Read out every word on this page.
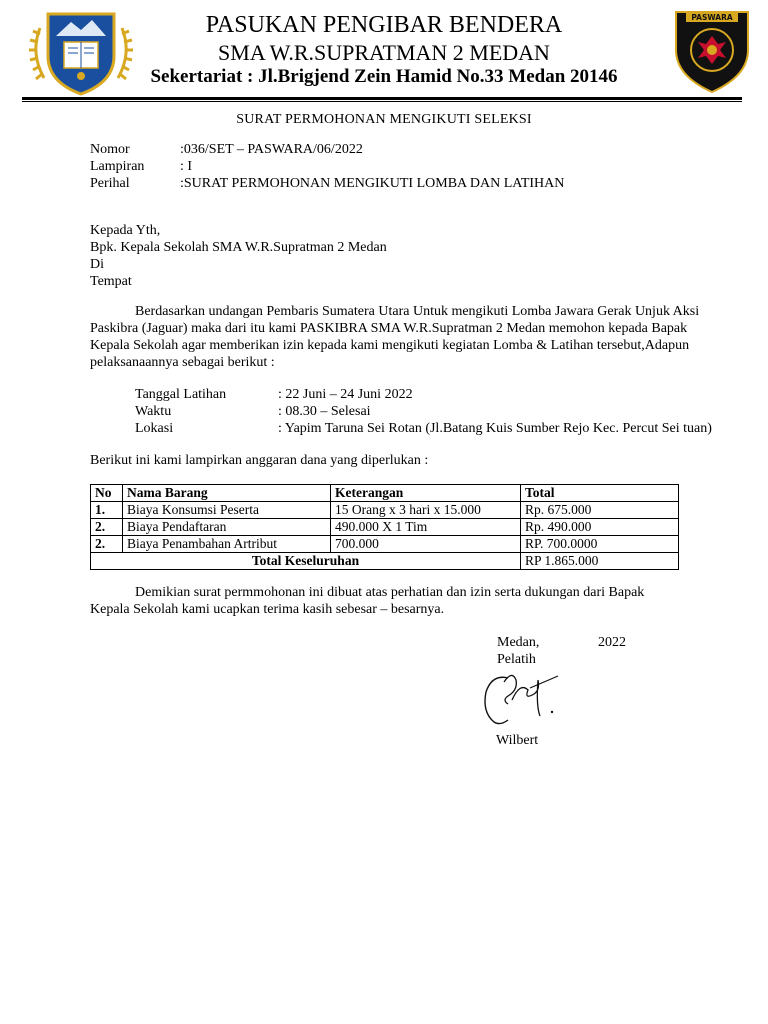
PASUKAN PENGIBAR BENDERA
SMA W.R.SUPRATMAN 2 MEDAN
Sekertariat : Jl.Brigjend Zein Hamid No.33 Medan 20146
PASWARA
SURAT PERMOHONAN MENGIKUTI SELEKSI
Nomor	:036/SET – PASWARA/06/2022
Lampiran	: I
Perihal	:SURAT PERMOHONAN MENGIKUTI LOMBA DAN LATIHAN
Kepada Yth,
Bpk. Kepala Sekolah SMA W.R.Supratman 2 Medan
Di
Tempat
Berdasarkan undangan Pembaris Sumatera Utara Untuk mengikuti Lomba Jawara Gerak Unjuk Aksi
Paskibra (Jaguar) maka dari itu kami PASKIBRA SMA W.R.Supratman 2 Medan memohon kepada Bapak
Kepala Sekolah agar memberikan izin kepada kami mengikuti kegiatan Lomba & Latihan tersebut,Adapun
pelaksanaannya sebagai berikut :
Tanggal Latihan	: 22 Juni – 24 Juni 2022
Waktu	: 08.30 – Selesai
Lokasi	: Yapim Taruna Sei Rotan (Jl.Batang Kuis Sumber Rejo Kec. Percut Sei tuan)
Berikut ini kami lampirkan anggaran dana yang diperlukan :
No	Nama Barang	Keterangan	Total
1.	Biaya Konsumsi Peserta	15 Orang x 3 hari x 15.000	Rp. 675.000
2.	Biaya Pendaftaran	490.000 X 1 Tim	Rp. 490.000
2.	Biaya Penambahan Artribut	700.000	RP. 700.0000
Total Keseluruhan			RP 1.865.000
Demikian surat permmohonan ini dibuat atas perhatian dan izin serta dukungan dari Bapak
Kepala Sekolah kami ucapkan terima kasih sebesar – besarnya.
Medan,	2022
Pelatih
Wilbert
